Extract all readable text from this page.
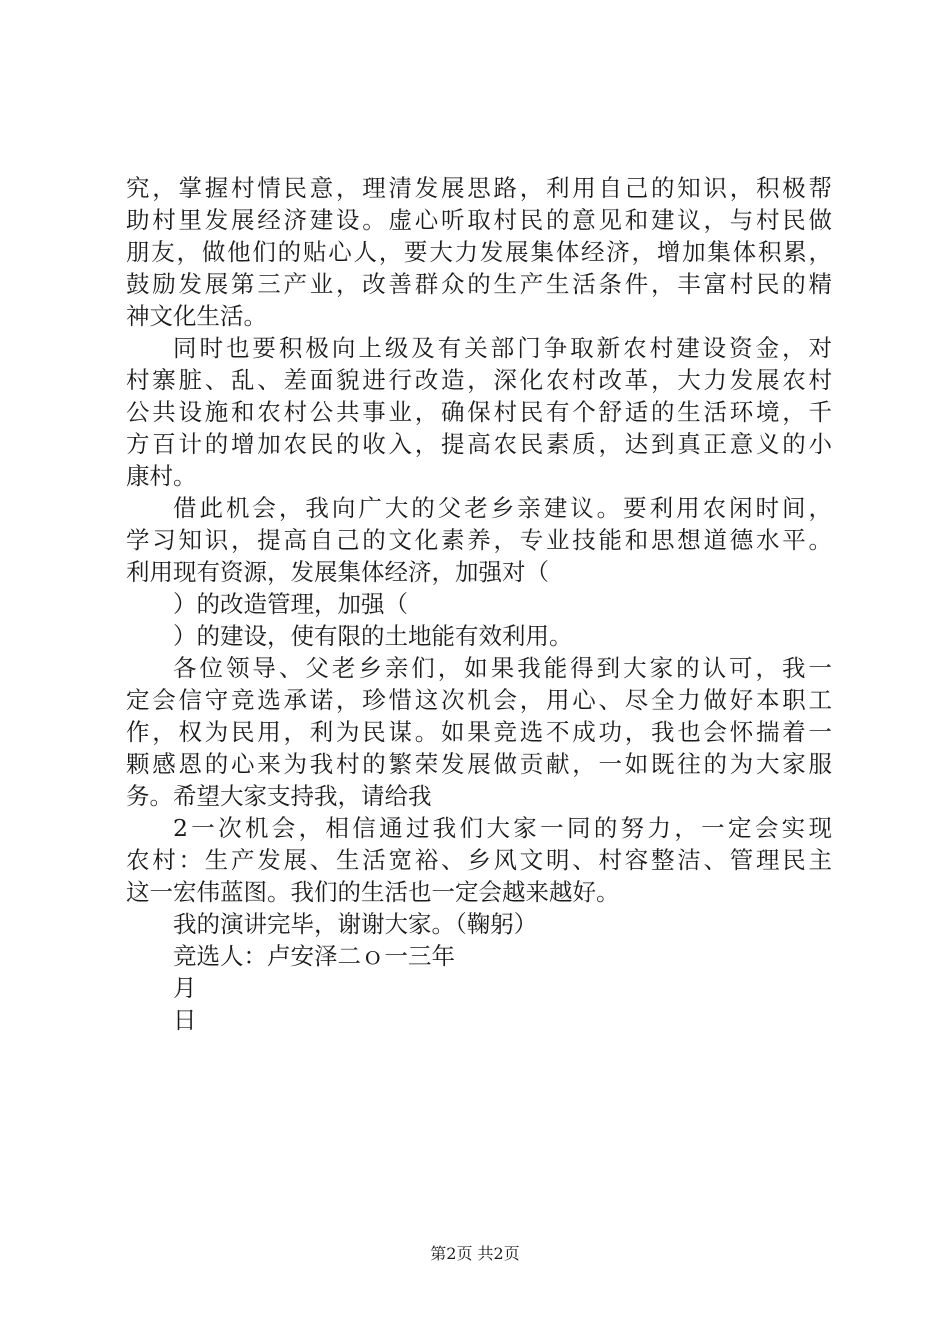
究，掌握村情民意，理清发展思路，利用自己的知识，积极帮
助村里发展经济建设。虚心听取村民的意见和建议，与村民做
朋友，做他们的贴心人，要大力发展集体经济，增加集体积累，
鼓励发展第三产业，改善群众的生产生活条件，丰富村民的精
神文化生活。
同时也要积极向上级及有关部门争取新农村建设资金，对
村寨脏、乱、差面貌进行改造，深化农村改革，大力发展农村
公共设施和农村公共事业，确保村民有个舒适的生活环境，千
方百计的增加农民的收入，提高农民素质，达到真正意义的小
康村。
借此机会，我向广大的父老乡亲建议。要利用农闲时间，
学习知识，提高自己的文化素养，专业技能和思想道德水平。
利用现有资源，发展集体经济，加强对（
）的改造管理，加强（
）的建设，使有限的土地能有效利用。
各位领导、父老乡亲们，如果我能得到大家的认可，我一
定会信守竞选承诺，珍惜这次机会，用心、尽全力做好本职工
作，权为民用，利为民谋。如果竞选不成功，我也会怀揣着一
颗感恩的心来为我村的繁荣发展做贡献，一如既往的为大家服
务。希望大家支持我，请给我
2一次机会，相信通过我们大家一同的努力，一定会实现
农村：生产发展、生活宽裕、乡风文明、村容整洁、管理民主
这一宏伟蓝图。我们的生活也一定会越来越好。
我的演讲完毕，谢谢大家。（鞠躬）
竞选人：卢安泽二ｏ一三年
月
日
第2页 共2页
